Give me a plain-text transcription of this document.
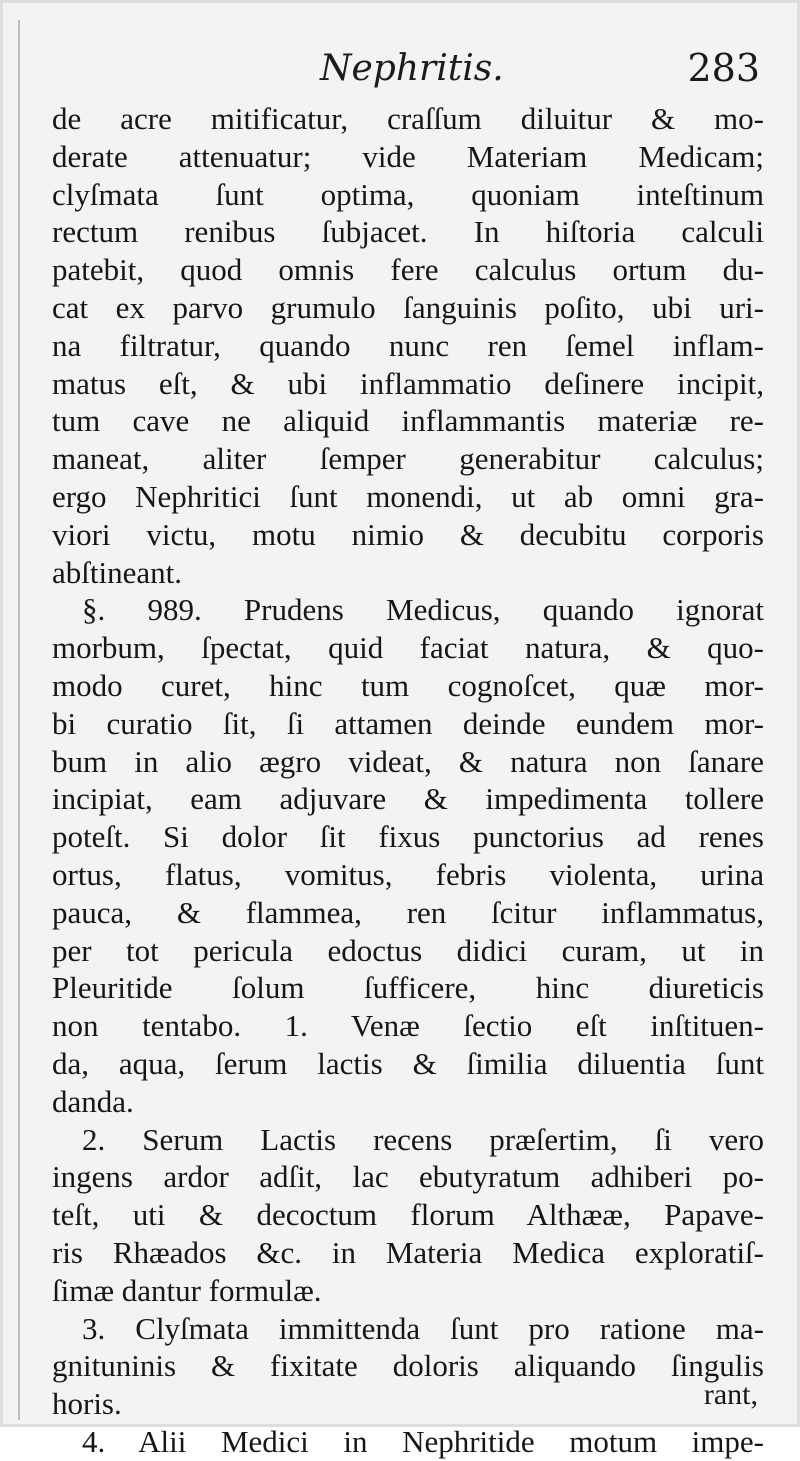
Nephritis.	283
de acre mitificatur, craſſum diluitur & mo-
derate attenuatur; vide Materiam Medicam;
clyſmata ſunt optima, quoniam inteſtinum
rectum renibus ſubjacet. In hiſtoria calculi
patebit, quod omnis fere calculus ortum du-
cat ex parvo grumulo ſanguinis poſito, ubi uri-
na filtratur, quando nunc ren ſemel inflam-
matus eſt, & ubi inflammatio deſinere incipit,
tum cave ne aliquid inflammantis materiæ re-
maneat, aliter ſemper generabitur calculus;
ergo Nephritici ſunt monendi, ut ab omni gra-
viori victu, motu nimio & decubitu corporis
abſtineant.
§. 989. Prudens Medicus, quando ignorat
morbum, ſpectat, quid faciat natura, & quo-
modo curet, hinc tum cognoſcet, quæ mor-
bi curatio ſit, ſi attamen deinde eundem mor-
bum in alio ægro videat, & natura non ſanare
incipiat, eam adjuvare & impedimenta tollere
poteſt. Si dolor ſit fixus punctorius ad renes
ortus, flatus, vomitus, febris violenta, urina
pauca, & flammea, ren ſcitur inflammatus,
per tot pericula edoctus didici curam, ut in
Pleuritide ſolum ſufficere, hinc diureticis
non tentabo. 1. Venæ ſectio eſt inſtituen-
da, aqua, ſerum lactis & ſimilia diluentia ſunt
danda.
2. Serum Lactis recens præſertim, ſi vero
ingens ardor adſit, lac ebutyratum adhiberi po-
teſt, uti & decoctum florum Althææ, Papave-
ris Rhæados &c. in Materia Medica exploratiſ-
ſimæ dantur formulæ.
3. Clyſmata immittenda ſunt pro ratione ma-
gnituninis & fixitate doloris aliquando ſingulis
horis.
4. Alii Medici in Nephritide motum impe-
rant,
